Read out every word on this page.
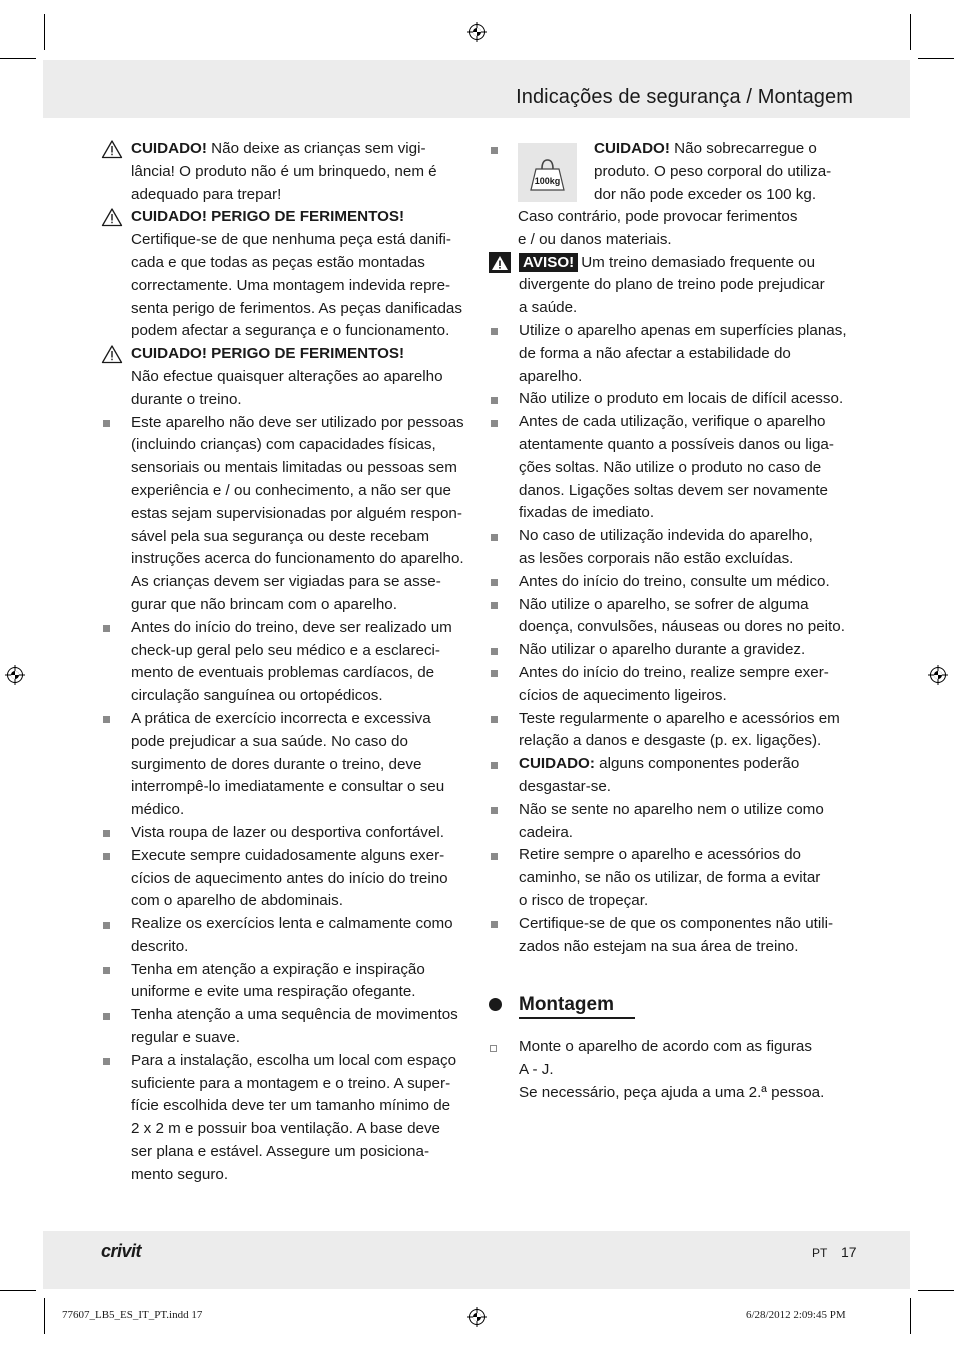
Indicações de segurança / Montagem
CUIDADO! Não deixe as crianças sem vigi-
lância! O produto não é um brinquedo, nem é
adequado para trepar!
CUIDADO! PERIGO DE FERIMENTOS!
Certifique-se de que nenhuma peça está danifi-
cada e que todas as peças estão montadas
correctamente. Uma montagem indevida repre-
senta perigo de ferimentos. As peças danificadas
podem afectar a segurança e o funcionamento.
CUIDADO! PERIGO DE FERIMENTOS!
Não efectue quaisquer alterações ao aparelho
durante o treino.
Este aparelho não deve ser utilizado por pessoas
(incluindo crianças) com capacidades físicas,
sensoriais ou mentais limitadas ou pessoas sem
experiência e / ou conhecimento, a não ser que
estas sejam supervisionadas por alguém respon-
sável pela sua segurança ou deste recebam
instruções acerca do funcionamento do aparelho.
As crianças devem ser vigiadas para se asse-
gurar que não brincam com o aparelho.
Antes do início do treino, deve ser realizado um
check-up geral pelo seu médico e a esclareci-
mento de eventuais problemas cardíacos, de
circulação sanguínea ou ortopédicos.
A prática de exercício incorrecta e excessiva
pode prejudicar a sua saúde. No caso do
surgimento de dores durante o treino, deve
interrompê-lo imediatamente e consultar o seu
médico.
Vista roupa de lazer ou desportiva confortável.
Execute sempre cuidadosamente alguns exer-
cícios de aquecimento antes do início do treino
com o aparelho de abdominais.
Realize os exercícios lenta e calmamente como
descrito.
Tenha em atenção a expiração e inspiração
uniforme e evite uma respiração ofegante.
Tenha atenção a uma sequência de movimentos
regular e suave.
Para a instalação, escolha um local com espaço
suficiente para a montagem e o treino. A super-
fície escolhida deve ter um tamanho mínimo de
2 x 2 m e possuir boa ventilação. A base deve
ser plana e estável. Assegure um posiciona-
mento seguro.
100kg
CUIDADO! Não sobrecarregue o
produto. O peso corporal do utiliza-
dor não pode exceder os 100 kg.
Caso contrário, pode provocar ferimentos
e / ou danos materiais.
AVISO! Um treino demasiado frequente ou
divergente do plano de treino pode prejudicar
a saúde.
Utilize o aparelho apenas em superfícies planas,
de forma a não afectar a estabilidade do
aparelho.
Não utilize o produto em locais de difícil acesso.
Antes de cada utilização, verifique o aparelho
atentamente quanto a possíveis danos ou liga-
ções soltas. Não utilize o produto no caso de
danos. Ligações soltas devem ser novamente
fixadas de imediato.
No caso de utilização indevida do aparelho,
as lesões corporais não estão excluídas.
Antes do início do treino, consulte um médico.
Não utilize o aparelho, se sofrer de alguma
doença, convulsões, náuseas ou dores no peito.
Não utilizar o aparelho durante a gravidez.
Antes do início do treino, realize sempre exer-
cícios de aquecimento ligeiros.
Teste regularmente o aparelho e acessórios em
relação a danos e desgaste (p. ex. ligações).
CUIDADO: alguns componentes poderão
desgastar-se.
Não se sente no aparelho nem o utilize como
cadeira.
Retire sempre o aparelho e acessórios do
caminho, se não os utilizar, de forma a evitar
o risco de tropeçar.
Certifique-se de que os componentes não utili-
zados não estejam na sua área de treino.
Montagem
Monte o aparelho de acordo com as figuras
A - J.
Se necessário, peça ajuda a uma 2.ª pessoa.
crivit	PT 17
77607_LB5_ES_IT_PT.indd 17	6/28/2012 2:09:45 PM
